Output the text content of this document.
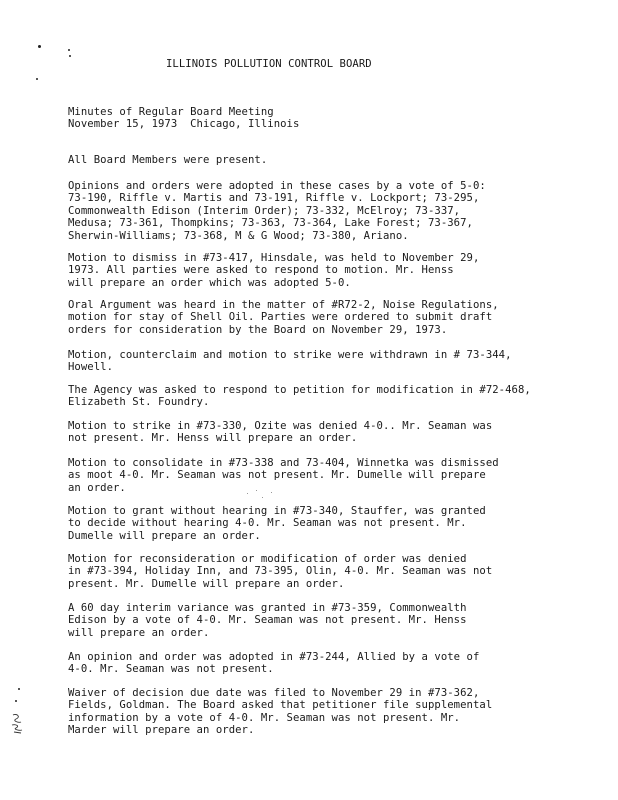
ILLINOIS POLLUTION CONTROL BOARD
Minutes of Regular Board Meeting
November 15, 1973  Chicago, Illinois
All Board Members were present.
Opinions and orders were adopted in these cases by a vote of 5-0:
73-190, Riffle v. Martis and 73-191, Riffle v. Lockport; 73-295,
Commonwealth Edison (Interim Order); 73-332, McElroy; 73-337,
Medusa; 73-361, Thompkins; 73-363, 73-364, Lake Forest; 73-367,
Sherwin-Williams; 73-368, M & G Wood; 73-380, Ariano.
Motion to dismiss in #73-417, Hinsdale, was held to November 29,
1973. All parties were asked to respond to motion. Mr. Henss
will prepare an order which was adopted 5-0.
Oral Argument was heard in the matter of #R72-2, Noise Regulations,
motion for stay of Shell Oil. Parties were ordered to submit draft
orders for consideration by the Board on November 29, 1973.
Motion, counterclaim and motion to strike were withdrawn in # 73-344,
Howell.
The Agency was asked to respond to petition for modification in #72-468,
Elizabeth St. Foundry.
Motion to strike in #73-330, Ozite was denied 4-0.. Mr. Seaman was
not present. Mr. Henss will prepare an order.
Motion to consolidate in #73-338 and 73-404, Winnetka was dismissed
as moot 4-0. Mr. Seaman was not present. Mr. Dumelle will prepare
an order.
Motion to grant without hearing in #73-340, Stauffer, was granted
to decide without hearing 4-0. Mr. Seaman was not present. Mr.
Dumelle will prepare an order.
Motion for reconsideration or modification of order was denied
in #73-394, Holiday Inn, and 73-395, Olin, 4-0. Mr. Seaman was not
present. Mr. Dumelle will prepare an order.
A 60 day interim variance was granted in #73-359, Commonwealth
Edison by a vote of 4-0. Mr. Seaman was not present. Mr. Henss
will prepare an order.
An opinion and order was adopted in #73-244, Allied by a vote of
4-0. Mr. Seaman was not present.
Waiver of decision due date was filed to November 29 in #73-362,
Fields, Goldman. The Board asked that petitioner file supplemental
information by a vote of 4-0. Mr. Seaman was not present. Mr.
Marder will prepare an order.
